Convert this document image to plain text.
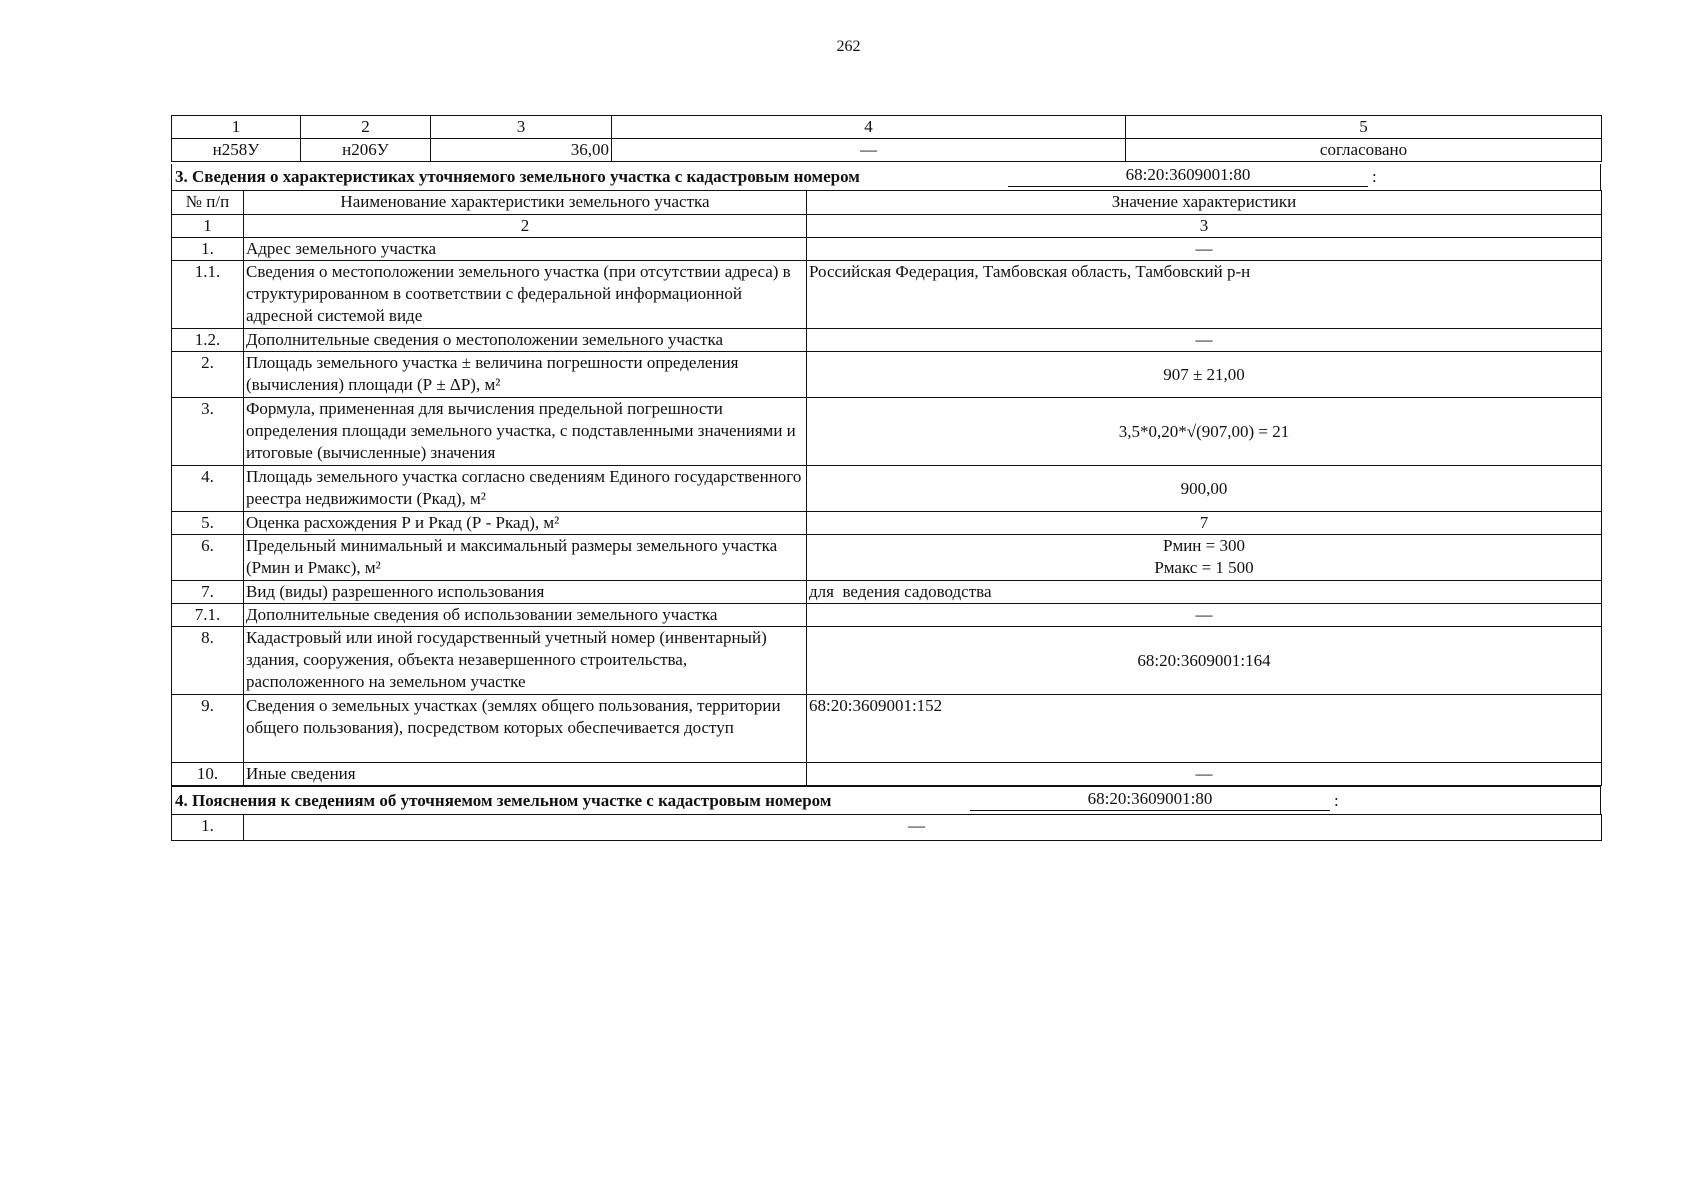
262
1	2	3	4	5
н258У	н206У	36,00	—	согласовано
3. Сведения о характеристиках уточняемого земельного участка с кадастровым номером	68:20:3609001:80	:
№ п/п	Наименование характеристики земельного участка	Значение характеристики
1	2	3
1.	Адрес земельного участка	—
1.1.	Сведения о местоположении земельного участка (при отсутствии адреса) в структурированном в соответствии с федеральной информационной адресной системой виде	Российская Федерация, Тамбовская область, Тамбовский р-н
1.2.	Дополнительные сведения о местоположении земельного участка	—
2.	Площадь земельного участка ± величина погрешности определения (вычисления) площади (Р ± ΔР), м²	907 ± 21,00
3.	Формула, примененная для вычисления предельной погрешности определения площади земельного участка, с подставленными значениями и итоговые (вычисленные) значения	3,5*0,20*√(907,00) = 21
4.	Площадь земельного участка согласно сведениям Единого государственного реестра недвижимости (Ркад), м²	900,00
5.	Оценка расхождения Р и Ркад (Р - Ркад), м²	7
6.	Предельный минимальный и максимальный размеры земельного участка (Рмин и Рмакс), м²	Рмин = 300
Рмакс = 1 500

7.	Вид (виды) разрешенного использования	для  ведения садоводства
7.1.	Дополнительные сведения об использовании земельного участка	—
8.	Кадастровый или иной государственный учетный номер (инвентарный) здания, сооружения, объекта незавершенного строительства, расположенного на земельном участке	68:20:3609001:164
9.	Сведения о земельных участках (землях общего пользования, территории общего пользования), посредством которых обеспечивается доступ	68:20:3609001:152
10.	Иные сведения	—
4. Пояснения к сведениям об уточняемом земельном участке с кадастровым номером	68:20:3609001:80	:
1.	—
